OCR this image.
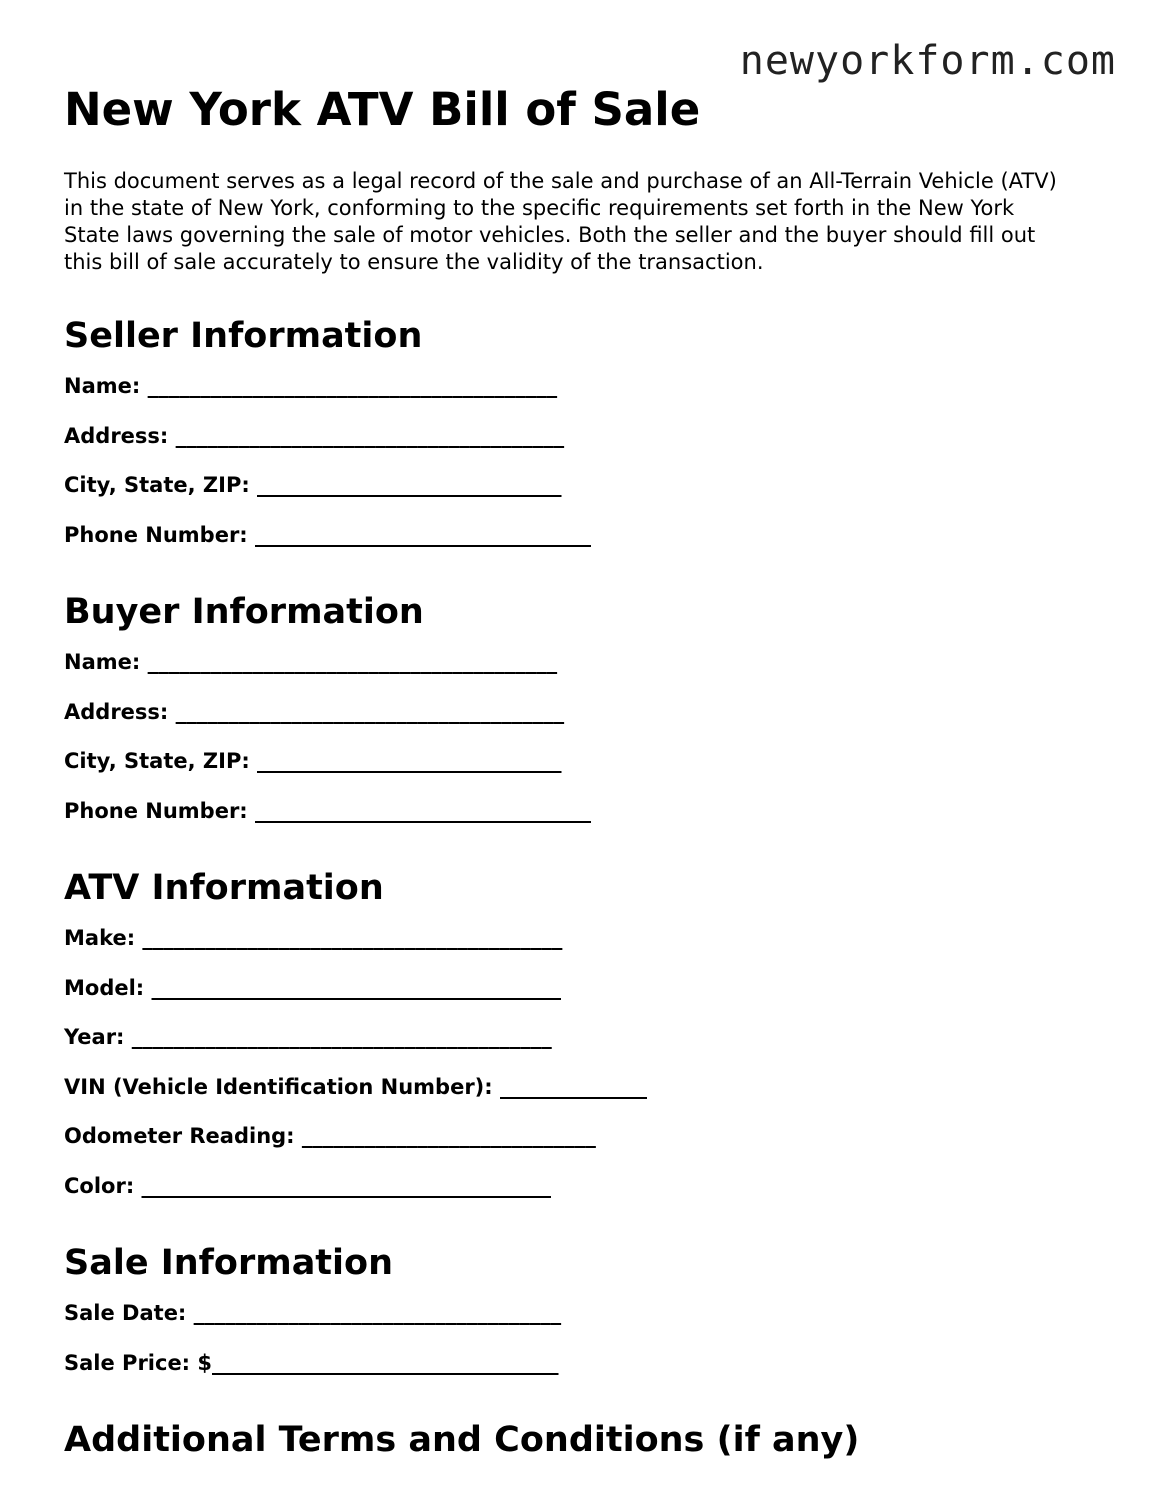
newyorkform.com
New York ATV Bill of Sale

This document serves as a legal record of the sale and purchase of an All-Terrain Vehicle (ATV) in the state of New York, conforming to the specific requirements set forth in the New York State laws governing the sale of motor vehicles. Both the seller and the buyer should fill out this bill of sale accurately to ensure the validity of the transaction.

Seller Information
Name: _______________________________________
Address: _____________________________________
City, State, ZIP: _____________________________
Phone Number: ________________________________
Buyer Information
Name: _______________________________________
Address: _____________________________________
City, State, ZIP: _____________________________
Phone Number: ________________________________
ATV Information
Make: ________________________________________
Model: _______________________________________
Year: ________________________________________
VIN (Vehicle Identification Number): ______________
Odometer Reading: ____________________________
Color: _______________________________________
Sale Information
Sale Date: ___________________________________
Sale Price: $_________________________________
Additional Terms and Conditions (if any)
